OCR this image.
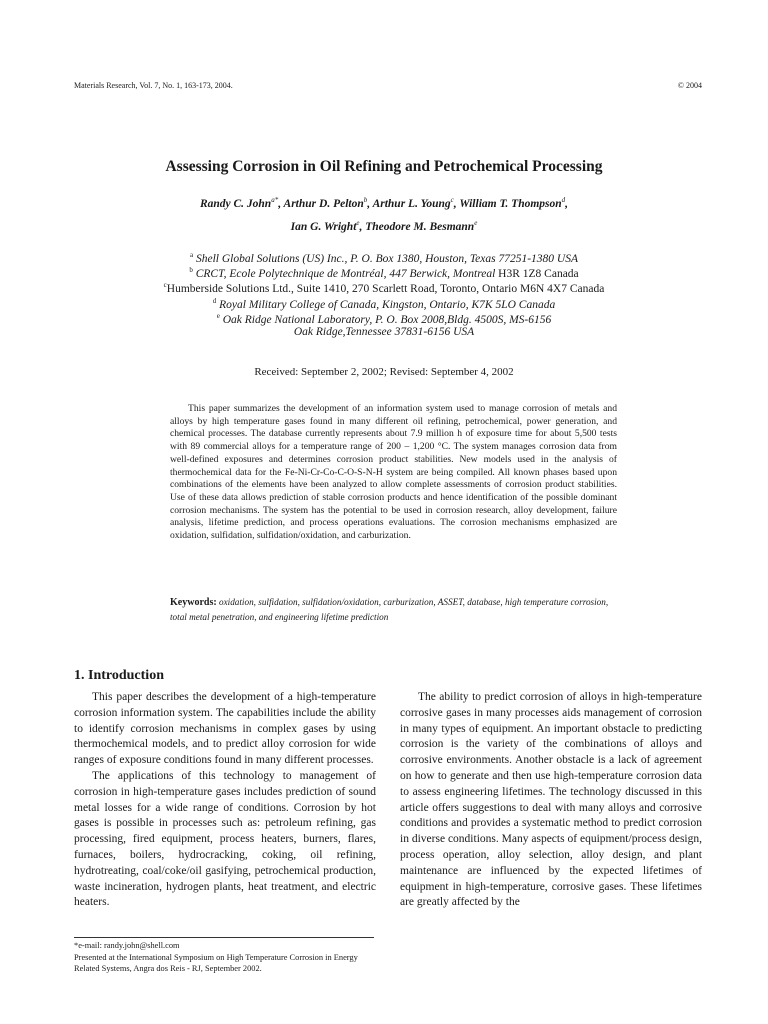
Materials Research, Vol. 7, No. 1, 163-173, 2004.	© 2004
Assessing Corrosion in Oil Refining and Petrochemical Processing
Randy C. John$^{a*}$, Arthur D. Pelton$^b$, Arthur L. Young$^c$, William T. Thompson$^d$,
Ian G. Wright$^e$, Theodore M. Besmann$^e$
$^a$ Shell Global Solutions (US) Inc., P. O. Box 1380, Houston, Texas 77251-1380 USA
$^b$ CRCT, Ecole Polytechnique de Montréal, 447 Berwick, Montreal H3R 1Z8 Canada
$^c$Humberside Solutions Ltd., Suite 1410, 270 Scarlett Road, Toronto, Ontario M6N 4X7 Canada
$^d$ Royal Military College of Canada, Kingston, Ontario, K7K 5LO Canada
$^e$ Oak Ridge National Laboratory, P. O. Box 2008,Bldg. 4500S, MS-6156
Oak Ridge,Tennessee 37831-6156 USA
Received: September 2, 2002; Revised: September 4, 2002

This paper summarizes the development of an information system used to manage corrosion of metals and alloys by high temperature gases found in many different oil refining, petrochemical, power generation, and chemical processes. The database currently represents about 7.9 million h of exposure time for about 5,500 tests with 89 commercial alloys for a temperature range of 200 – 1,200 °C. The system manages corrosion data from well-defined exposures and determines corrosion product stabilities. New models used in the analysis of thermochemical data for the Fe-Ni-Cr-Co-C-O-S-N-H system are being compiled. All known phases based upon combinations of the elements have been analyzed to allow complete assessments of corrosion product stabilities. Use of these data allows prediction of stable corrosion products and hence identification of the possible dominant corrosion mechanisms. The system has the potential to be used in corrosion research, alloy development, failure analysis, lifetime prediction, and process operations evaluations. The corrosion mechanisms emphasized are oxidation, sulfidation, sulfidation/oxidation, and carburization.

Keywords: oxidation, sulfidation, sulfidation/oxidation, carburization, ASSET, database, high temperature corrosion, total metal penetration, and engineering lifetime prediction

1. Introduction

This paper describes the development of a high-temperature corrosion information system. The capabilities include the ability to identify corrosion mechanisms in complex gases by using thermochemical models, and to predict alloy corrosion for wide ranges of exposure conditions found in many different processes.

The applications of this technology to management of corrosion in high-temperature gases includes prediction of sound metal losses for a wide range of conditions. Corrosion by hot gases is possible in processes such as: petroleum refining, gas processing, fired equipment, process heaters, burners, flares, furnaces, boilers, hydrocracking, coking, oil refining, hydrotreating, coal/coke/oil gasifying, petrochemical production, waste incineration, hydrogen plants, heat treatment, and electric heaters.

The ability to predict corrosion of alloys in high-temperature corrosive gases in many processes aids management of corrosion in many types of equipment. An important obstacle to predicting corrosion is the variety of the combinations of alloys and corrosive environments. Another obstacle is a lack of agreement on how to generate and then use high-temperature corrosion data to assess engineering lifetimes. The technology discussed in this article offers suggestions to deal with many alloys and corrosive conditions and provides a systematic method to predict corrosion in diverse conditions. Many aspects of equipment/process design, process operation, alloy selection, alloy design, and plant maintenance are influenced by the expected lifetimes of equipment in high-temperature, corrosive gases. These lifetimes are greatly affected by the

*e-mail: randy.john@shell.com
Presented at the International Symposium on High Temperature Corrosion in Energy Related Systems, Angra dos Reis - RJ, September 2002.
